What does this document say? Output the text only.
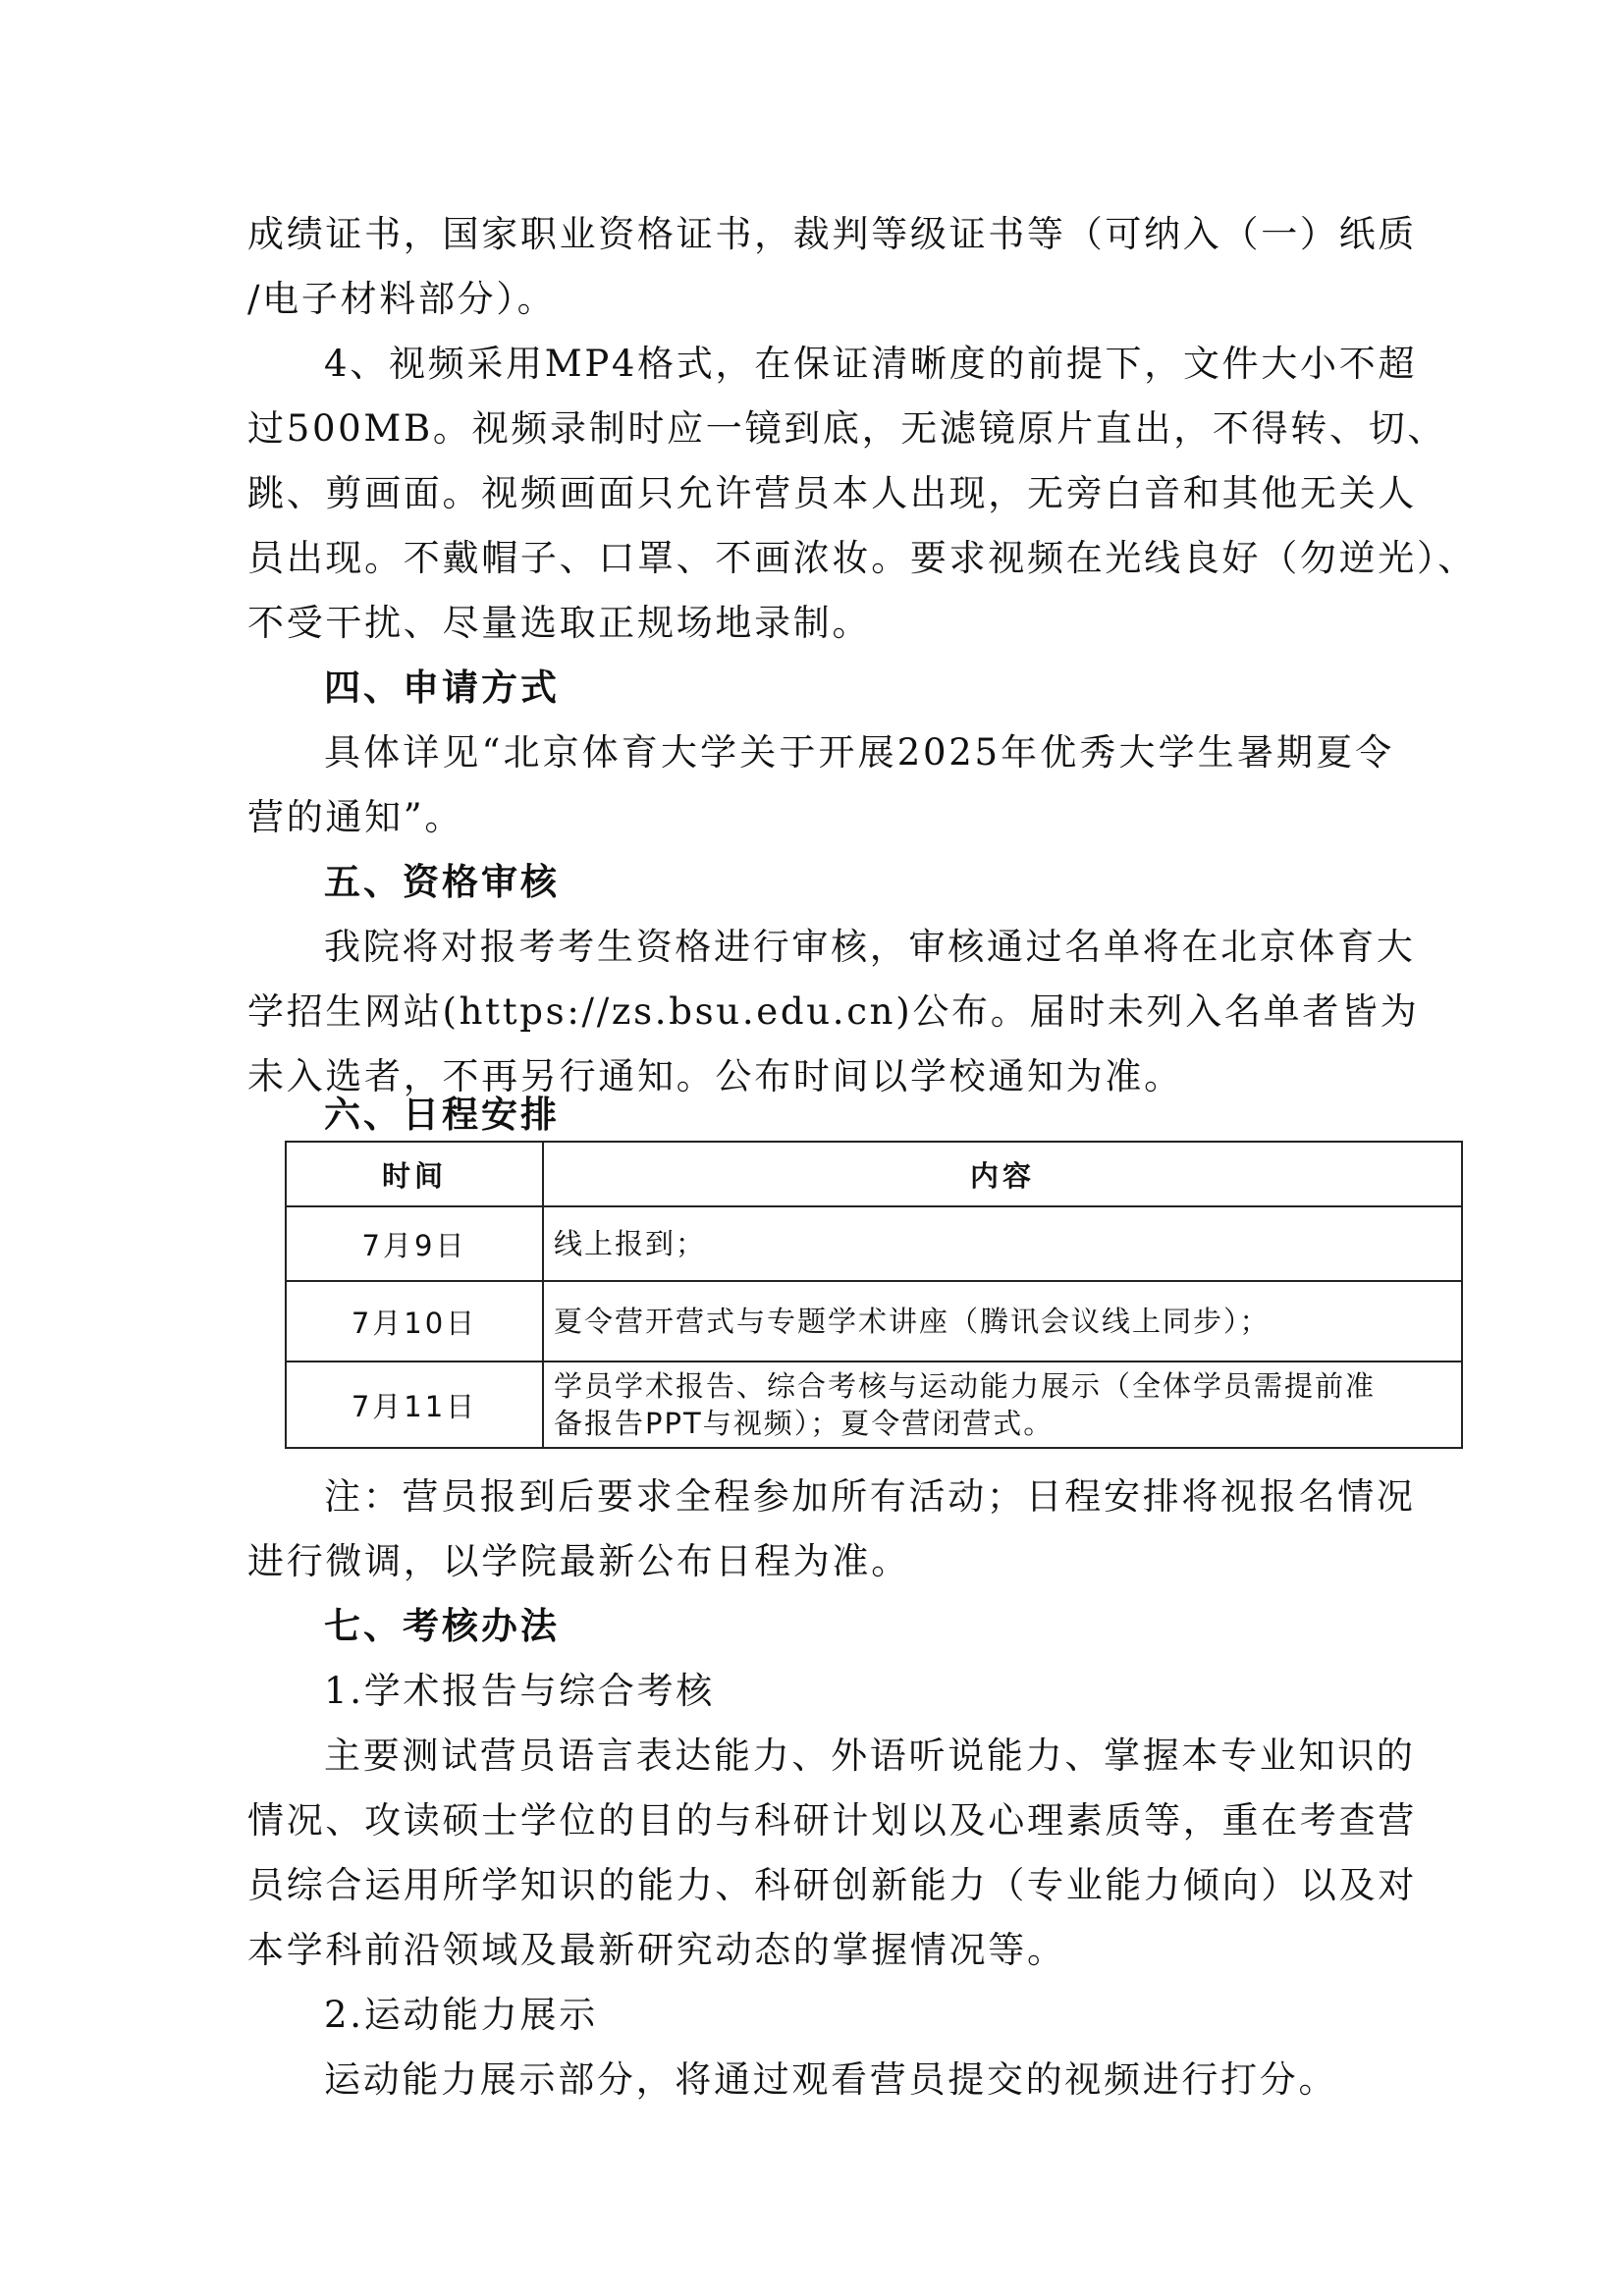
成绩证书，国家职业资格证书，裁判等级证书等（可纳入（一）纸质
/电子材料部分）。
4、视频采用MP4格式，在保证清晰度的前提下，文件大小不超
过500MB。视频录制时应一镜到底，无滤镜原片直出，不得转、切、
跳、剪画面。视频画面只允许营员本人出现，无旁白音和其他无关人
员出现。不戴帽子、口罩、不画浓妆。要求视频在光线良好（勿逆光）、
不受干扰、尽量选取正规场地录制。
四、申请方式
具体详见“北京体育大学关于开展2025年优秀大学生暑期夏令
营的通知”。
五、资格审核
我院将对报考考生资格进行审核，审核通过名单将在北京体育大
学招生网站(https://zs.bsu.edu.cn)公布。届时未列入名单者皆为
未入选者，不再另行通知。公布时间以学校通知为准。
六、日程安排
时间	内容
7月9日	线上报到；

7月10日	夏令营开营式与专题学术讲座（腾讯会议线上同步）；

7月11日	学员学术报告、综合考核与运动能力展示（全体学员需提前准
备报告PPT与视频）；夏令营闭营式。
注：营员报到后要求全程参加所有活动；日程安排将视报名情况
进行微调，以学院最新公布日程为准。
七、考核办法
1.学术报告与综合考核
主要测试营员语言表达能力、外语听说能力、掌握本专业知识的
情况、攻读硕士学位的目的与科研计划以及心理素质等，重在考查营
员综合运用所学知识的能力、科研创新能力（专业能力倾向）以及对
本学科前沿领域及最新研究动态的掌握情况等。
2.运动能力展示
运动能力展示部分，将通过观看营员提交的视频进行打分。
